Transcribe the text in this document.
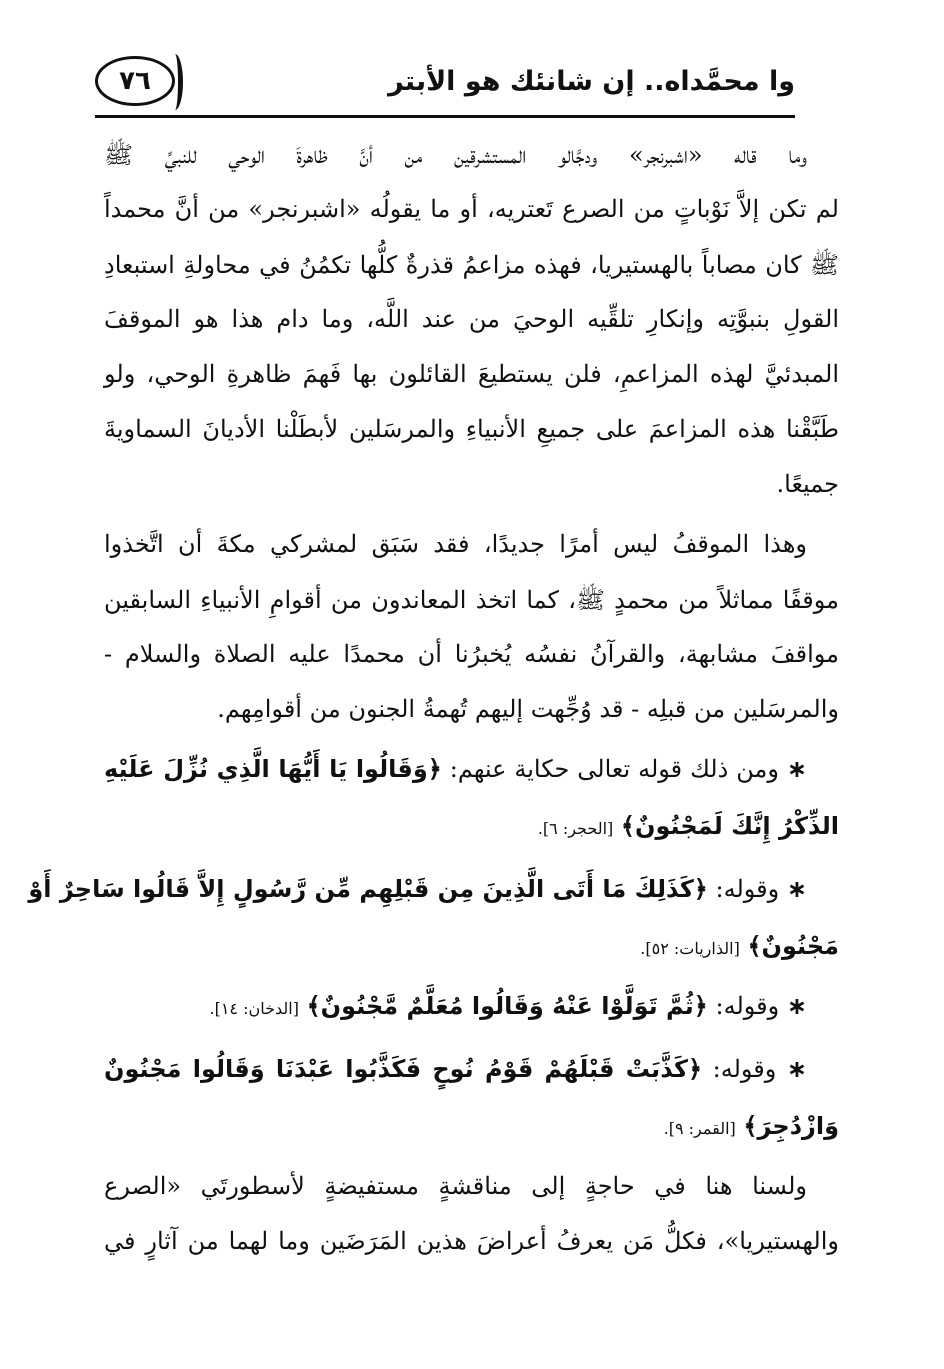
٧٦	وا محمَّداه.. إن شانئك هو الأبتر
وما قاله «اشبرنجر» ودجَّالو المستشرقين من أنَّ ظاهرةَ الوحي للنبيِّ ﷺ
لم تكن إلاَّ نَوْباتٍ من الصرع تَعتريه، أو ما يقولُه «اشبرنجر» من أنَّ محمداً
ﷺ كان مصاباً بالهستيريا، فهذه مزاعمُ قذرةٌ كلُّها تكمُنُ في محاولةِ استبعادِ
القولِ بنبوَّتِه وإنكارِ تلقِّيه الوحيَ من عند اللَّه، وما دام هذا هو الموقفَ
المبدئيَّ لهذه المزاعمِ، فلن يستطيعَ القائلون بها فَهمَ ظاهرةِ الوحي، ولو
طَبَّقْنا هذه المزاعمَ على جميعِ الأنبياءِ والمرسَلين لأبطَلْنا الأديانَ السماويةَ
جميعًا.
وهذا الموقفُ ليس أمرًا جديدًا، فقد سَبَق لمشركي مكةَ أن اتَّخذوا
موقفًا مماثلاً من محمدٍ ﷺ، كما اتخذ المعاندون من أقوامِ الأنبياءِ السابقين
مواقفَ مشابهة، والقرآنُ نفسُه يُخبرُنا أن محمدًا عليه الصلاة والسلام -
والمرسَلين من قبلِه - قد وُجِّهت إليهم تُهمةُ الجنون من أقوامِهم.
∗ ومن ذلك قوله تعالى حكاية عنهم: ﴿وَقَالُوا يَا أَيُّهَا الَّذِي نُزِّلَ عَلَيْهِ
الذِّكْرُ إِنَّكَ لَمَجْنُونٌ﴾ [الحجر: ٦].
∗ وقوله: ﴿كَذَلِكَ مَا أَتَى الَّذِينَ مِن قَبْلِهِم مِّن رَّسُولٍ إِلاَّ قَالُوا سَاحِرٌ أَوْ
مَجْنُونٌ﴾ [الذاريات: ٥٢].
∗ وقوله: ﴿ثُمَّ تَوَلَّوْا عَنْهُ وَقَالُوا مُعَلَّمٌ مَّجْنُونٌ﴾ [الدخان: ١٤].
∗ وقوله: ﴿كَذَّبَتْ قَبْلَهُمْ قَوْمُ نُوحٍ فَكَذَّبُوا عَبْدَنَا وَقَالُوا مَجْنُونٌ
وَازْدُجِرَ﴾ [القمر: ٩].
ولسنا هنا في حاجةٍ إلى مناقشةٍ مستفيضةٍ لأسطورتَي «الصرع
والهستيريا»، فكلُّ مَن يعرفُ أعراضَ هذين المَرَضَين وما لهما من آثارٍ في
